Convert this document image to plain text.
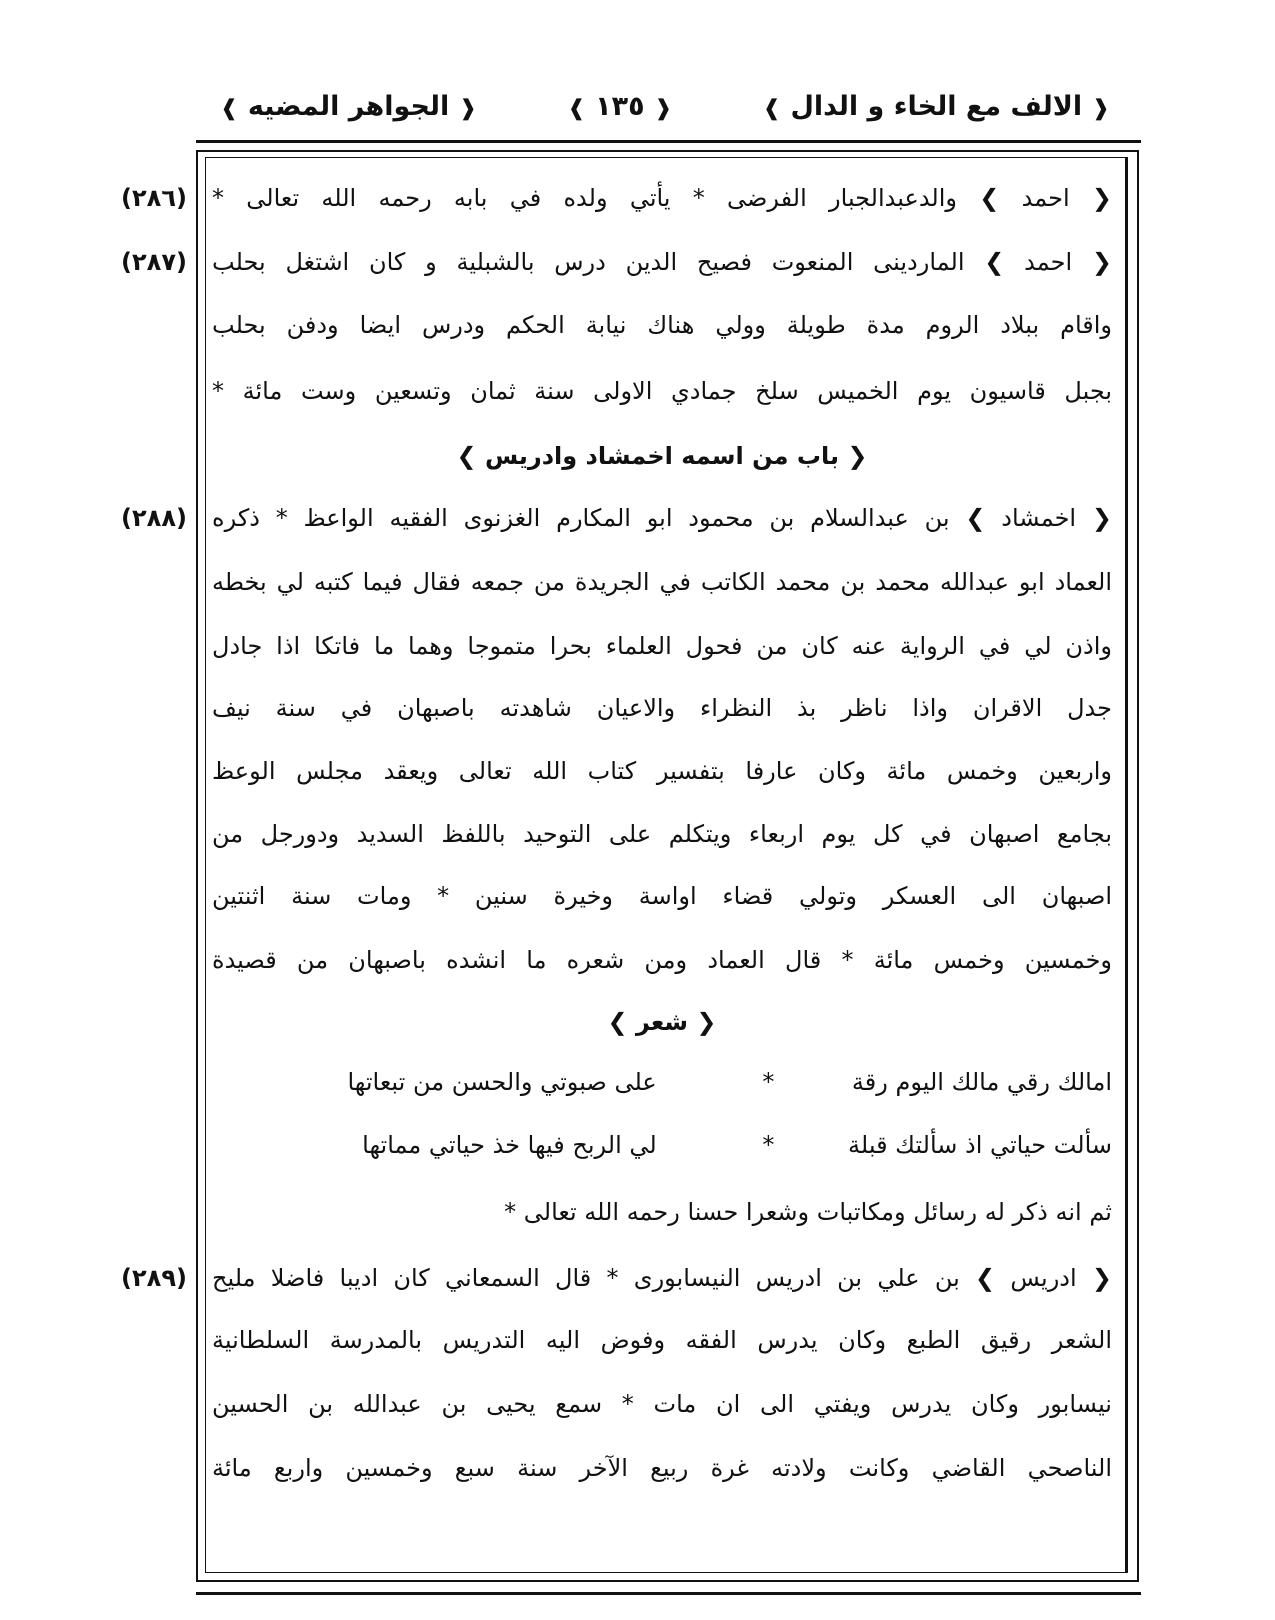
❰ الالف مع الخاء و الدال ❱
❰ ١٣٥ ❱
❰ الجواهر المضيه ❱
(٢٨٦)
(٢٨٧)
(٢٨٨)
(٢٨٩)
❮ احمد ❯ والدعبدالجبار الفرضى * يأتي ولده في بابه رحمه الله تعالى *
❮ احمد ❯ الماردينى المنعوت فصيح الدين درس بالشبلية و كان اشتغل بحلب
واقام ببلاد الروم مدة طويلة وولي هناك نيابة الحكم ودرس ايضا ودفن بحلب
بجبل قاسيون يوم الخميس سلخ جمادي الاولى سنة ثمان وتسعين وست مائة *
❮ باب من اسمه اخمشاد وادريس ❯
❮ اخمشاد ❯ بن عبدالسلام بن محمود ابو المكارم الغزنوى الفقيه الواعظ * ذكره
العماد ابو عبدالله محمد بن محمد الكاتب في الجريدة من جمعه فقال فيما كتبه لي بخطه
واذن لي في الرواية عنه كان من فحول العلماء بحرا متموجا وهما ما فاتكا اذا جادل
جدل الاقران واذا ناظر بذ النظراء والاعيان شاهدته باصبهان في سنة نيف
واربعين وخمس مائة وكان عارفا بتفسير كتاب الله تعالى ويعقد مجلس الوعظ
بجامع اصبهان في كل يوم اربعاء ويتكلم على التوحيد باللفظ السديد ودورجل من
اصبهان الى العسكر وتولي قضاء اواسة وخيرة سنين * ومات سنة اثنتين
وخمسين وخمس مائة * قال العماد ومن شعره ما انشده باصبهان من قصيدة
❮ شعر ❯
امالك رقي مالك اليوم رقة * على صبوتي والحسن من تبعاتها
سألت حياتي اذ سألتك قبلة * لي الربح فيها خذ حياتي مماتها
ثم انه ذكر له رسائل ومكاتبات وشعرا حسنا رحمه الله تعالى *
❮ ادريس ❯ بن علي بن ادريس النيسابورى * قال السمعاني كان اديبا فاضلا مليح
الشعر رقيق الطبع وكان يدرس الفقه وفوض اليه التدريس بالمدرسة السلطانية
نيسابور وكان يدرس ويفتي الى ان مات * سمع يحيى بن عبدالله بن الحسين
الناصحي القاضي وكانت ولادته غرة ربيع الآخر سنة سبع وخمسين واربع مائة
